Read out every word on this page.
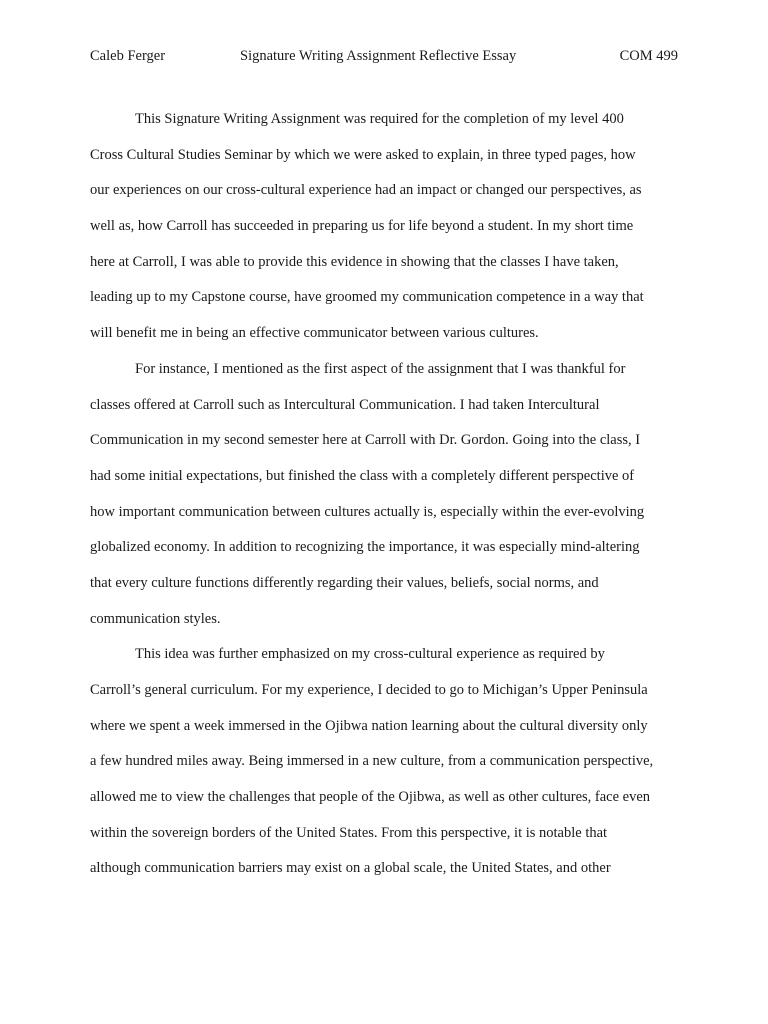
Caleb Ferger	Signature Writing Assignment Reflective Essay	COM 499
This Signature Writing Assignment was required for the completion of my level 400
Cross Cultural Studies Seminar by which we were asked to explain, in three typed pages, how
our experiences on our cross-cultural experience had an impact or changed our perspectives, as
well as, how Carroll has succeeded in preparing us for life beyond a student. In my short time
here at Carroll, I was able to provide this evidence in showing that the classes I have taken,
leading up to my Capstone course, have groomed my communication competence in a way that
will benefit me in being an effective communicator between various cultures.
For instance, I mentioned as the first aspect of the assignment that I was thankful for
classes offered at Carroll such as Intercultural Communication. I had taken Intercultural
Communication in my second semester here at Carroll with Dr. Gordon. Going into the class, I
had some initial expectations, but finished the class with a completely different perspective of
how important communication between cultures actually is, especially within the ever-evolving
globalized economy. In addition to recognizing the importance, it was especially mind-altering
that every culture functions differently regarding their values, beliefs, social norms, and
communication styles.
This idea was further emphasized on my cross-cultural experience as required by
Carroll’s general curriculum. For my experience, I decided to go to Michigan’s Upper Peninsula
where we spent a week immersed in the Ojibwa nation learning about the cultural diversity only
a few hundred miles away. Being immersed in a new culture, from a communication perspective,
allowed me to view the challenges that people of the Ojibwa, as well as other cultures, face even
within the sovereign borders of the United States. From this perspective, it is notable that
although communication barriers may exist on a global scale, the United States, and other
